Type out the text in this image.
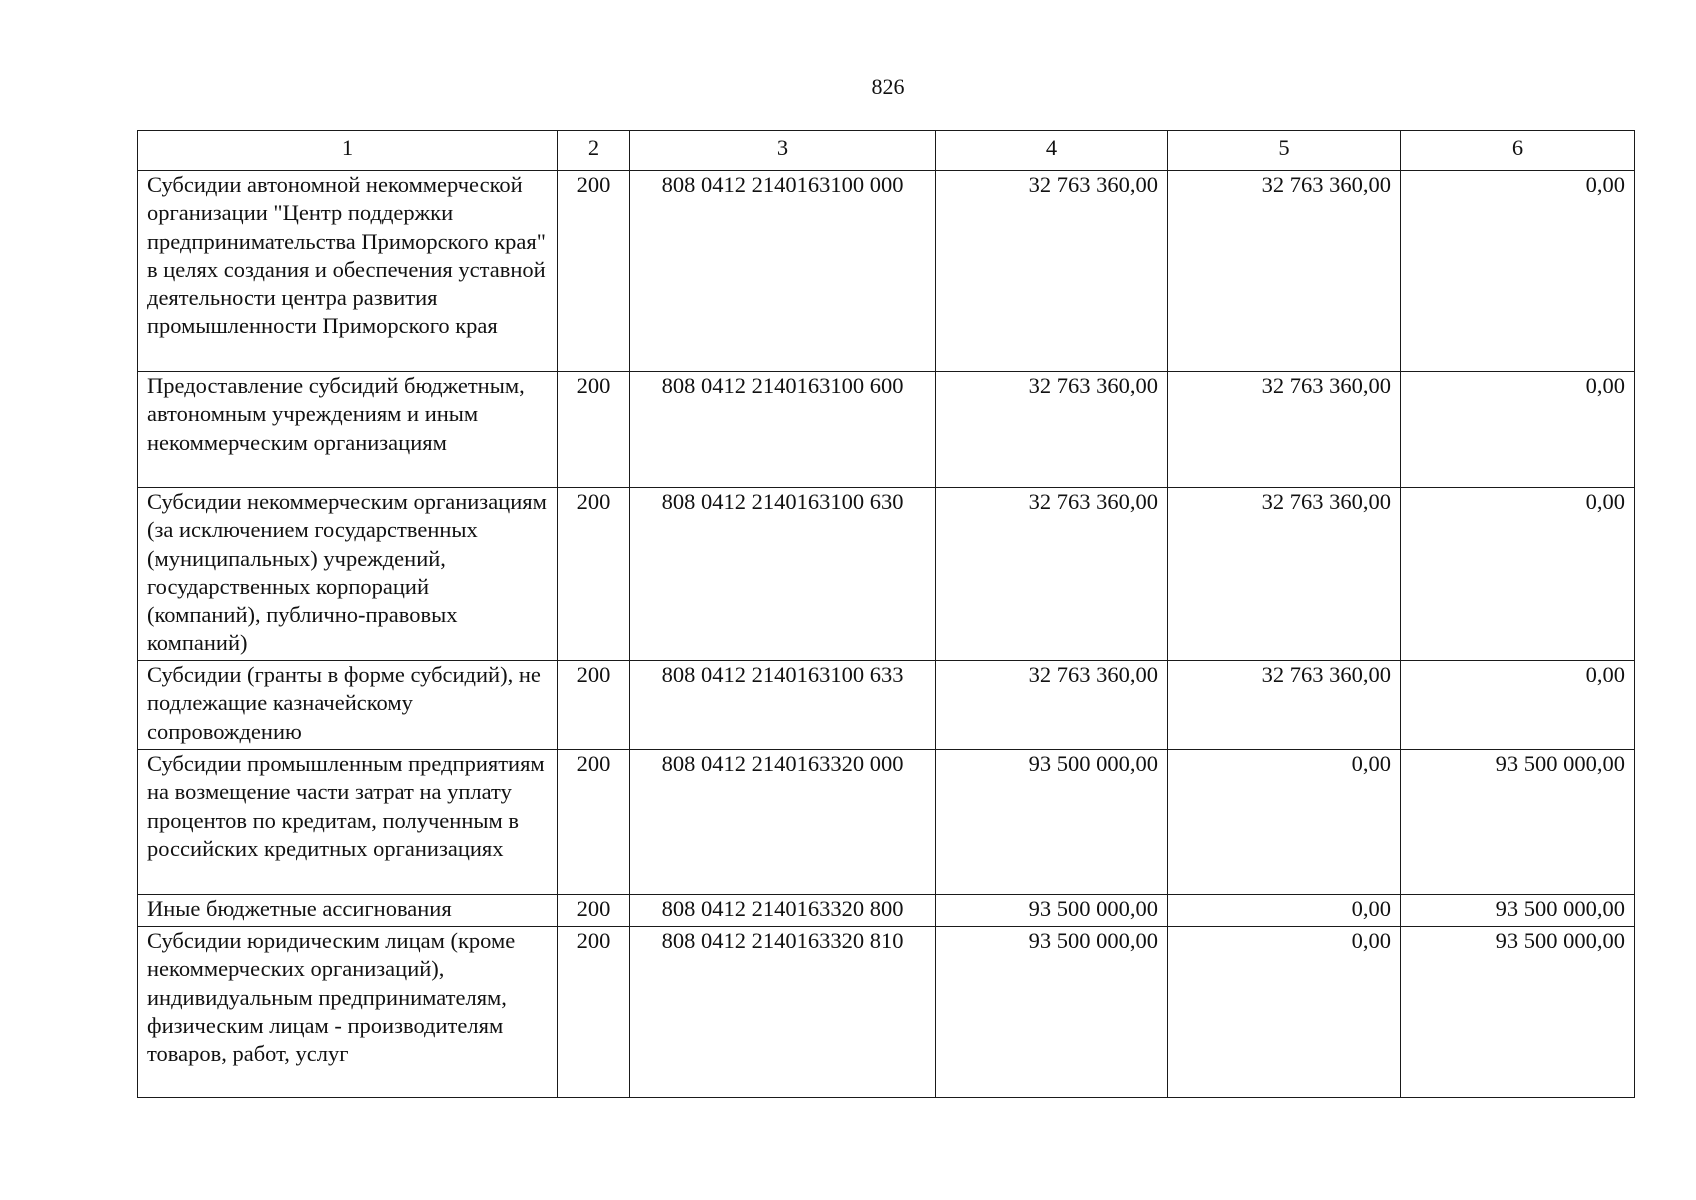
826
1	2	3	4	5	6
Субсидии автономной некоммерческой организации "Центр поддержки предпринимательства Приморского края" в целях создания и обеспечения уставной деятельности центра развития промышленности Приморского края	200	808 0412 2140163100 000	32 763 360,00	32 763 360,00	0,00
Предоставление субсидий бюджетным, автономным учреждениям и иным некоммерческим организациям	200	808 0412 2140163100 600	32 763 360,00	32 763 360,00	0,00
Субсидии некоммерческим организациям (за исключением государственных (муниципальных) учреждений, государственных корпораций (компаний), публично-правовых компаний)	200	808 0412 2140163100 630	32 763 360,00	32 763 360,00	0,00
Субсидии (гранты в форме субсидий), не подлежащие казначейскому сопровождению	200	808 0412 2140163100 633	32 763 360,00	32 763 360,00	0,00
Субсидии промышленным предприятиям на возмещение части затрат на уплату процентов по кредитам, полученным в российских кредитных организациях	200	808 0412 2140163320 000	93 500 000,00	0,00	93 500 000,00
Иные бюджетные ассигнования	200	808 0412 2140163320 800	93 500 000,00	0,00	93 500 000,00
Субсидии юридическим лицам (кроме некоммерческих организаций), индивидуальным предпринимателям, физическим лицам - производителям товаров, работ, услуг	200	808 0412 2140163320 810	93 500 000,00	0,00	93 500 000,00
